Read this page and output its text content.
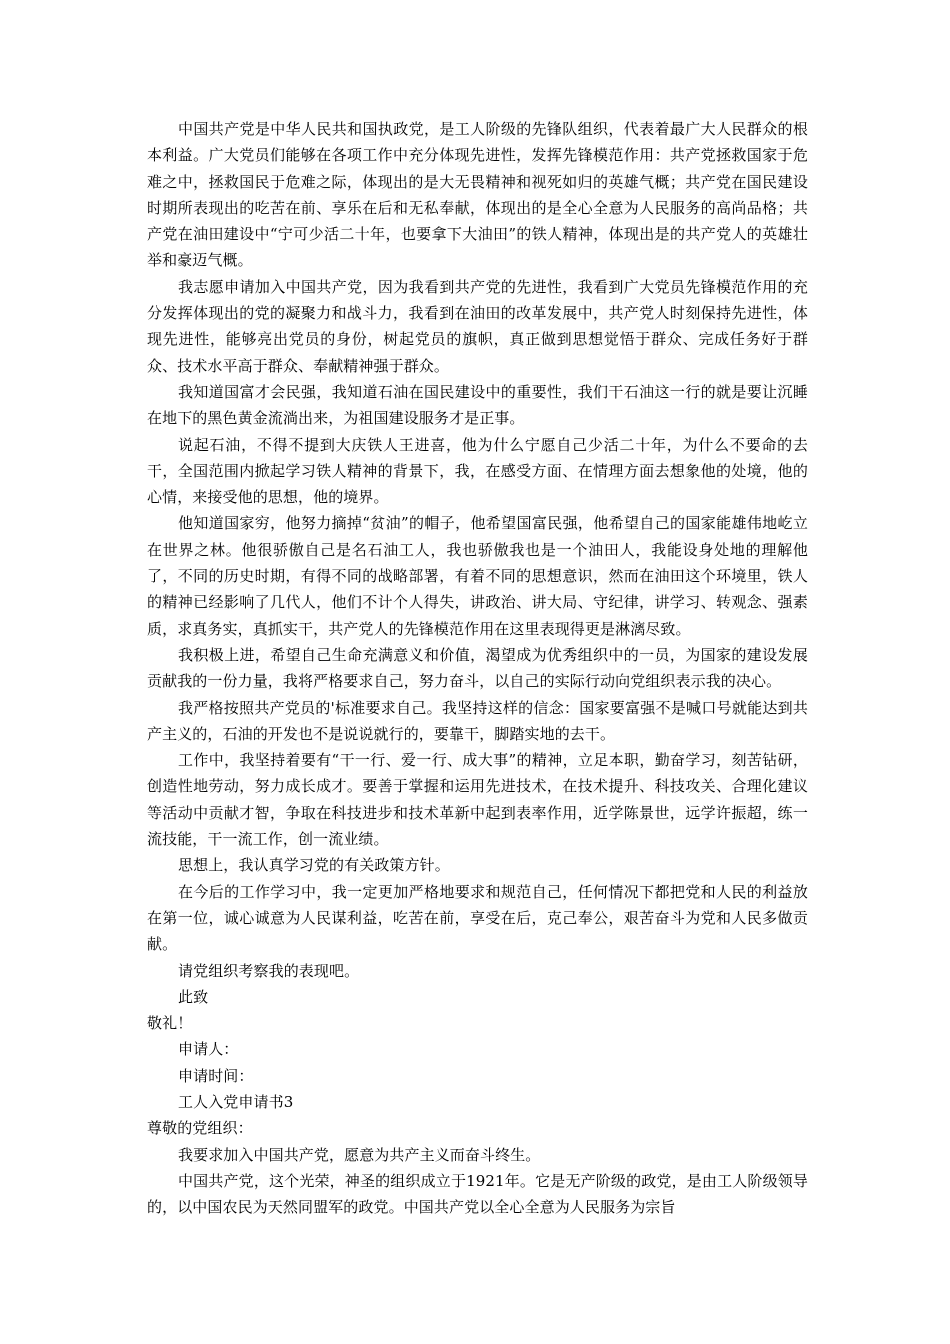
中国共产党是中华人民共和国执政党，是工人阶级的先锋队组织，代表着最广大人民群众的根本利益。广大党员们能够在各项工作中充分体现先进性，发挥先锋模范作用：共产党拯救国家于危难之中，拯救国民于危难之际，体现出的是大无畏精神和视死如归的英雄气概；共产党在国民建设时期所表现出的吃苦在前、享乐在后和无私奉献，体现出的是全心全意为人民服务的高尚品格；共产党在油田建设中“宁可少活二十年，也要拿下大油田”的铁人精神，体现出是的共产党人的英雄壮举和豪迈气概。

我志愿申请加入中国共产党，因为我看到共产党的先进性，我看到广大党员先锋模范作用的充分发挥体现出的党的凝聚力和战斗力，我看到在油田的改革发展中，共产党人时刻保持先进性，体现先进性，能够亮出党员的身份，树起党员的旗帜，真正做到思想觉悟于群众、完成任务好于群众、技术水平高于群众、奉献精神强于群众。

我知道国富才会民强，我知道石油在国民建设中的重要性，我们干石油这一行的就是要让沉睡在地下的黑色黄金流淌出来，为祖国建设服务才是正事。

说起石油，不得不提到大庆铁人王进喜，他为什么宁愿自己少活二十年，为什么不要命的去干，全国范围内掀起学习铁人精神的背景下，我，在感受方面、在情理方面去想象他的处境，他的心情，来接受他的思想，他的境界。

他知道国家穷，他努力摘掉“贫油”的帽子，他希望国富民强，他希望自己的国家能雄伟地屹立在世界之林。他很骄傲自己是名石油工人，我也骄傲我也是一个油田人，我能设身处地的理解他了，不同的历史时期，有得不同的战略部署，有着不同的思想意识，然而在油田这个环境里，铁人的精神已经影响了几代人，他们不计个人得失，讲政治、讲大局、守纪律，讲学习、转观念、强素质，求真务实，真抓实干，共产党人的先锋模范作用在这里表现得更是淋漓尽致。

我积极上进，希望自己生命充满意义和价值，渴望成为优秀组织中的一员，为国家的建设发展贡献我的一份力量，我将严格要求自己，努力奋斗，以自己的实际行动向党组织表示我的决心。

我严格按照共产党员的'标准要求自己。我坚持这样的信念：国家要富强不是喊口号就能达到共产主义的，石油的开发也不是说说就行的，要靠干，脚踏实地的去干。

工作中，我坚持着要有“干一行、爱一行、成大事”的精神，立足本职，勤奋学习，刻苦钻研，创造性地劳动，努力成长成才。要善于掌握和运用先进技术，在技术提升、科技攻关、合理化建议等活动中贡献才智，争取在科技进步和技术革新中起到表率作用，近学陈景世，远学许振超，练一流技能，干一流工作，创一流业绩。

思想上，我认真学习党的有关政策方针。

在今后的工作学习中，我一定更加严格地要求和规范自己，任何情况下都把党和人民的利益放在第一位，诚心诚意为人民谋利益，吃苦在前，享受在后，克己奉公，艰苦奋斗为党和人民多做贡献。

请党组织考察我的表现吧。

此致

敬礼！

申请人：

申请时间：

工人入党申请书3

尊敬的党组织：

我要求加入中国共产党，愿意为共产主义而奋斗终生。

中国共产党，这个光荣，神圣的组织成立于1921年。它是无产阶级的政党，是由工人阶级领导的，以中国农民为天然同盟军的政党。中国共产党以全心全意为人民服务为宗旨
